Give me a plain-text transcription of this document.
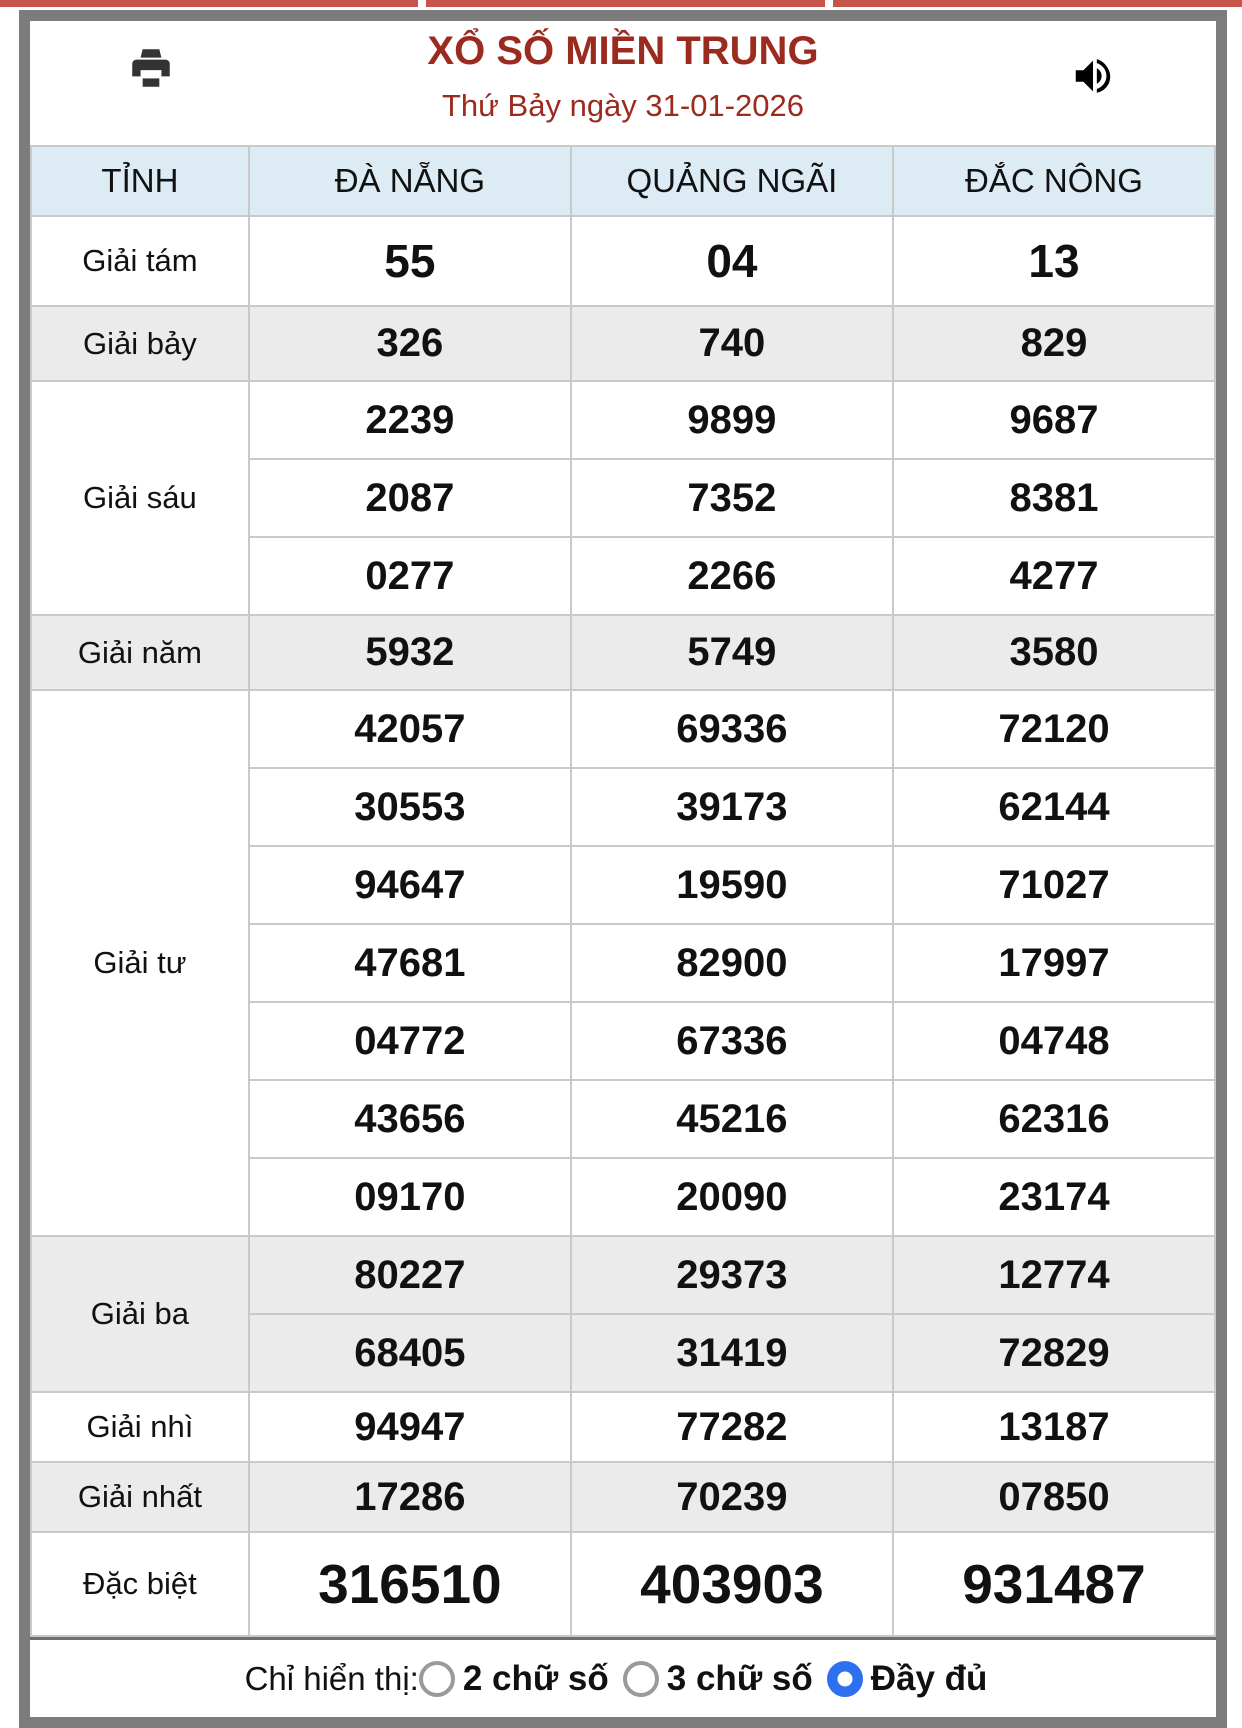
XỔ SỐ MIỀN TRUNG
Thứ Bảy ngày 31-01-2026
TỈNH	ĐÀ NẴNG	QUẢNG NGÃI	ĐẮC NÔNG
Giải tám	55	04	13
Giải bảy	326	740	829
Giải sáu	2239	9899	9687
	2087	7352	8381
	0277	2266	4277
Giải năm	5932	5749	3580
Giải tư	42057	69336	72120
	30553	39173	62144
	94647	19590	71027
	47681	82900	17997
	04772	67336	04748
	43656	45216	62316
	09170	20090	23174
Giải ba	80227	29373	12774
	68405	31419	72829
Giải nhì	94947	77282	13187
Giải nhất	17286	70239	07850
Đặc biệt	316510	403903	931487
Chỉ hiển thị: 2 chữ số 3 chữ số Đầy đủ
